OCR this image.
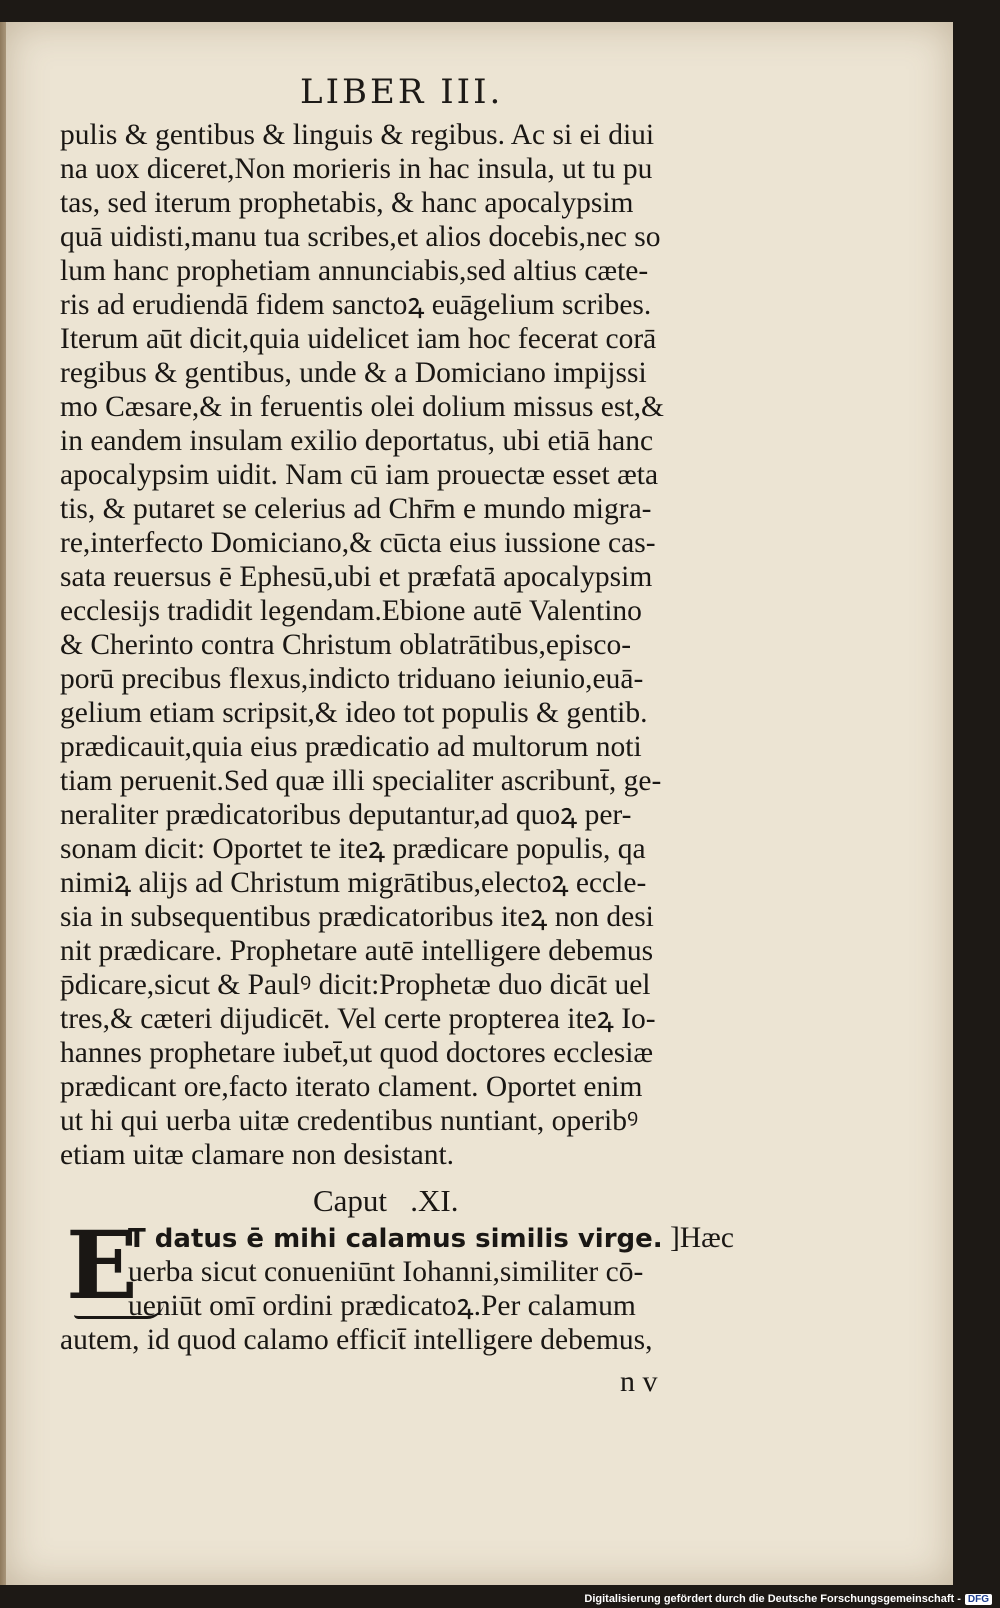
LIBER III.
pulis & gentibus & linguis & regibus. Ac si ei diui
na uox diceret,Non morieris in hac insula, ut tu pu
tas, sed iterum prophetabis, & hanc apocalypsim
quā uidisti,manu tua scribes,et alios docebis,nec so
lum hanc prophetiam annunciabis,sed altius cæte-
ris ad erudiendā fidem sanctoꝝ euāgelium scribes.
Iterum aūt dicit,quia uidelicet iam hoc fecerat corā
regibus & gentibus, unde & a Domiciano impijssi
mo Cæsare,& in feruentis olei dolium missus est,&
in eandem insulam exilio deportatus, ubi etiā hanc
apocalypsim uidit. Nam cū iam prouectæ esset æta
tis, & putaret se celerius ad Chr̄m e mundo migra-
re,interfecto Domiciano,& cūcta eius iussione cas-
sata reuersus ē Ephesū,ubi et præfatā apocalypsim
ecclesijs tradidit legendam.Ebione autē Valentino
& Cherinto contra Christum oblatrātibus,episco-
porū precibus flexus,indicto triduano ieiunio,euā-
gelium etiam scripsit,& ideo tot populis & gentib.
prædicauit,quia eius prædicatio ad multorum noti
tiam peruenit.Sed quæ illi specialiter ascribunt̄, ge-
neraliter prædicatoribus deputantur,ad quoꝝ per-
sonam dicit: Oportet te iteꝝ prædicare populis, qa
nimiꝝ alijs ad Christum migrātibus,electoꝝ eccle-
sia in subsequentibus prædicatoribus iteꝝ non desi
nit prædicare. Prophetare autē intelligere debemus
p̄dicare,sicut & Paulꝰ dicit:Prophetæ duo dicāt uel
tres,& cæteri dijudicēt. Vel certe propterea iteꝝ Io-
hannes prophetare iubet̄,ut quod doctores ecclesiæ
prædicant ore,facto iterato clament. Oportet enim
ut hi qui uerba uitæ credentibus nuntiant, operibꝰ
etiam uitæ clamare non desistant.
Caput   .XI.
E
T datus ē mihi calamus similis virge. ]Hæc
uerba sicut conueniūnt Iohanni,similiter cō-
ueniūt omī ordini prædicatoꝝ.Per calamum
autem, id quod calamo efficit̄ intelligere debemus,
n v
Digitalisierung gefördert durch die Deutsche Forschungsgemeinschaft - DFG
